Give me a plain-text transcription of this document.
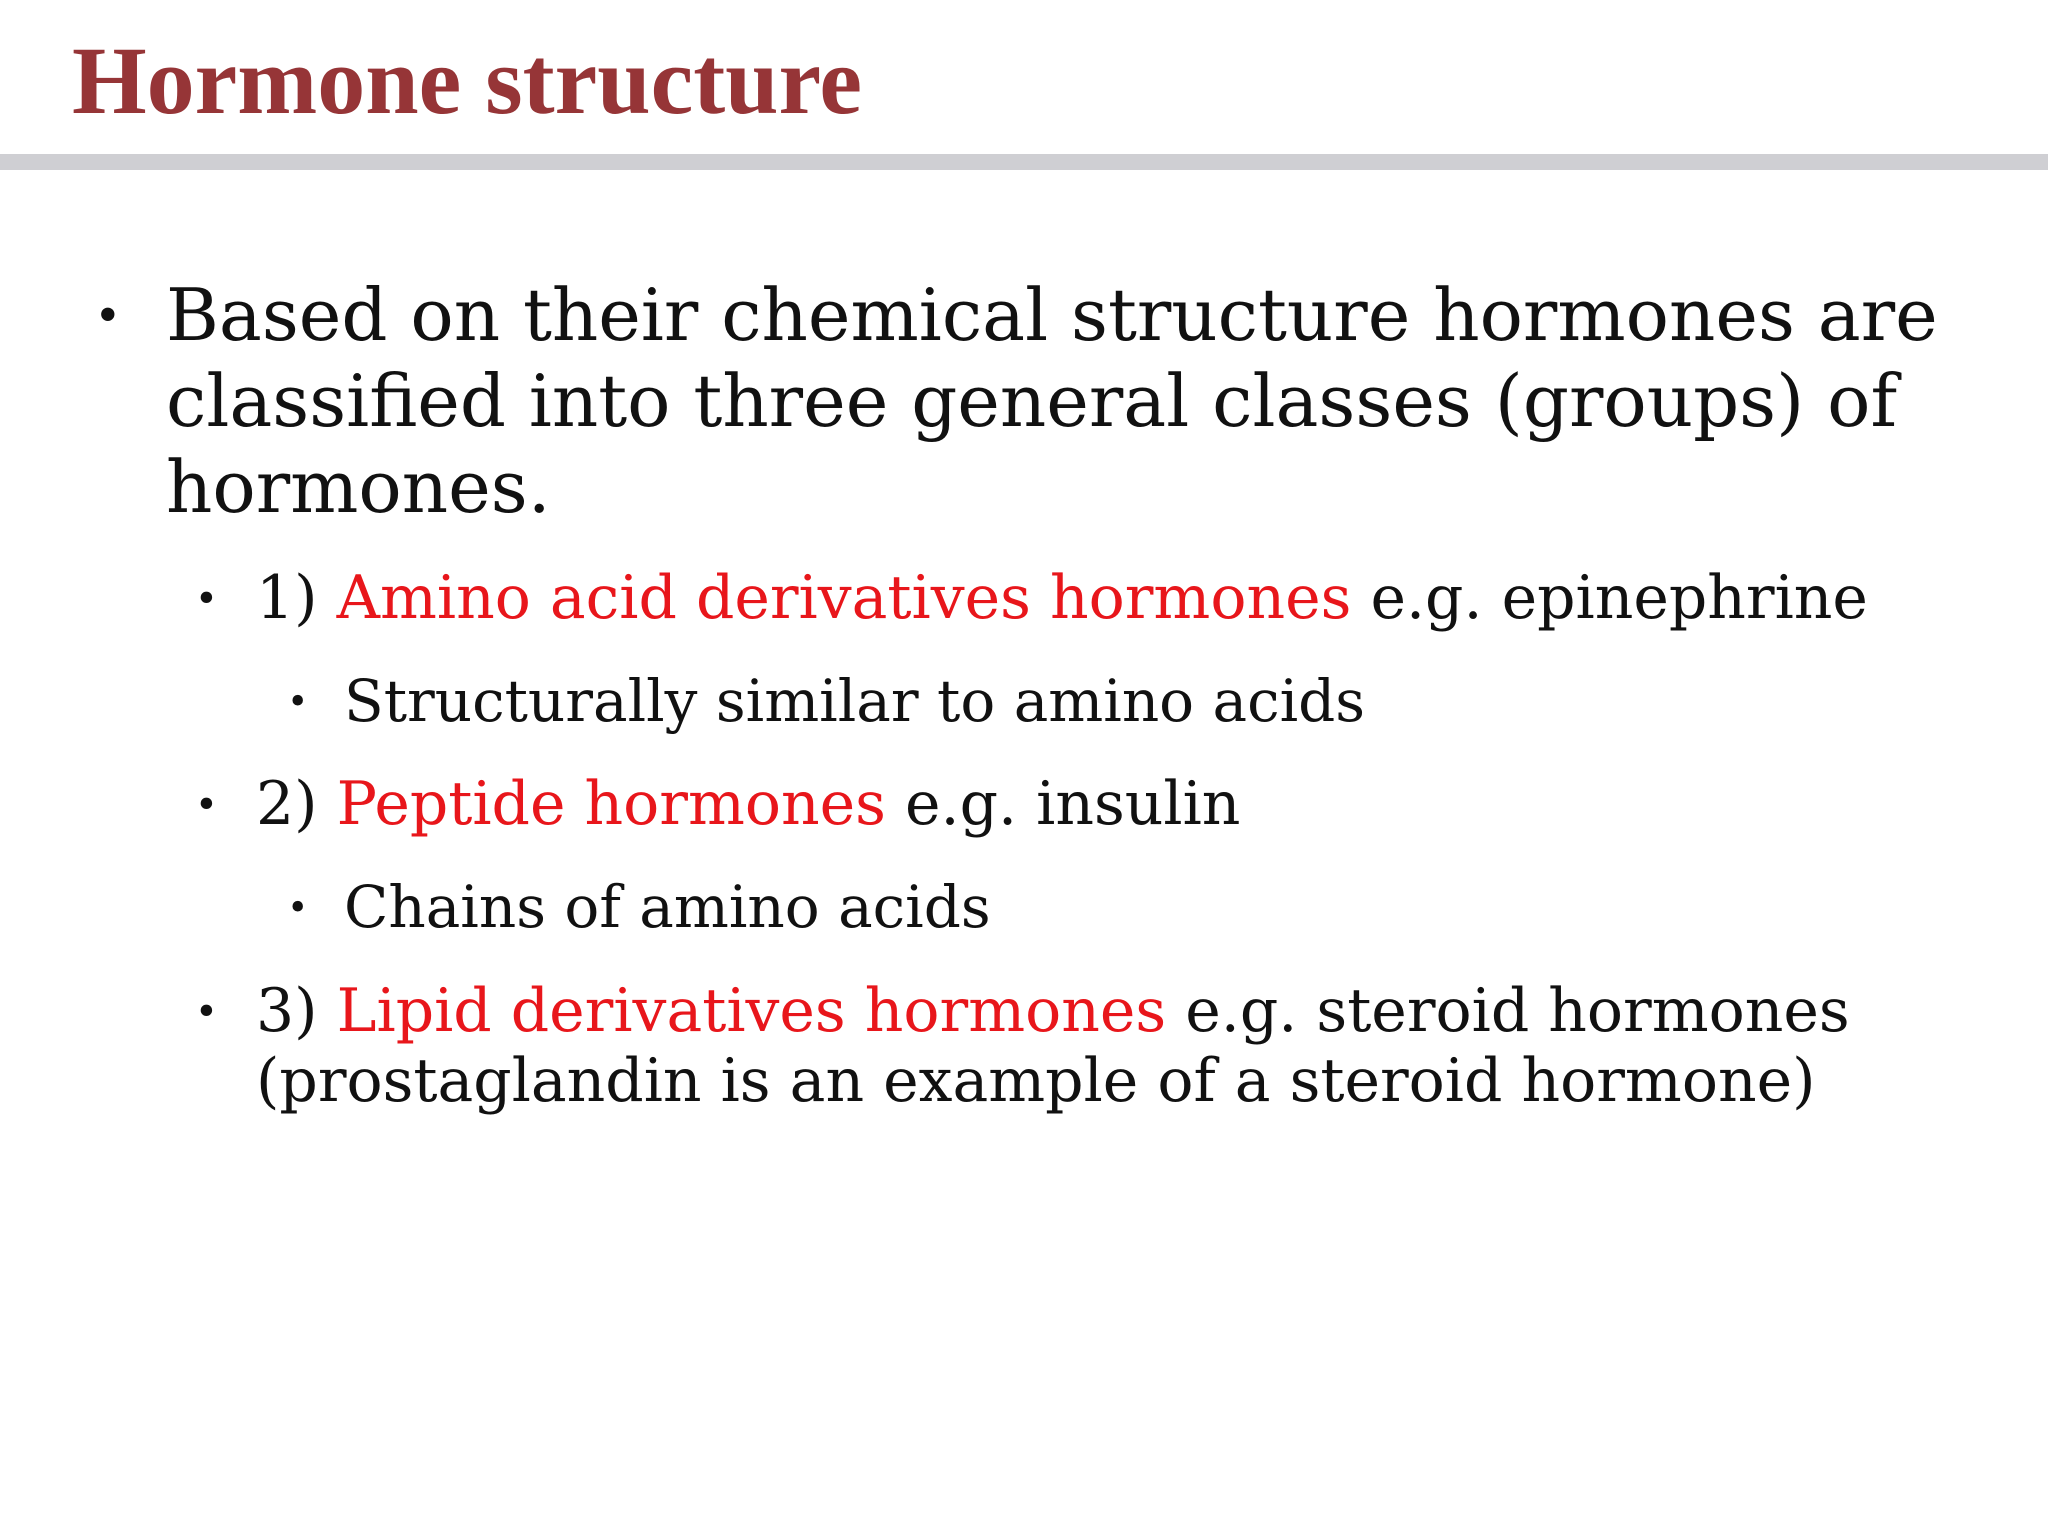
Hormone structure
• Based on their chemical structure hormones are
classified into three general classes (groups) of
hormones.
• 1) Amino acid derivatives hormones e.g. epinephrine
• Structurally similar to amino acids
• 2) Peptide hormones e.g. insulin
• Chains of amino acids
• 3) Lipid derivatives hormones e.g. steroid hormones
(prostaglandin is an example of a steroid hormone)
